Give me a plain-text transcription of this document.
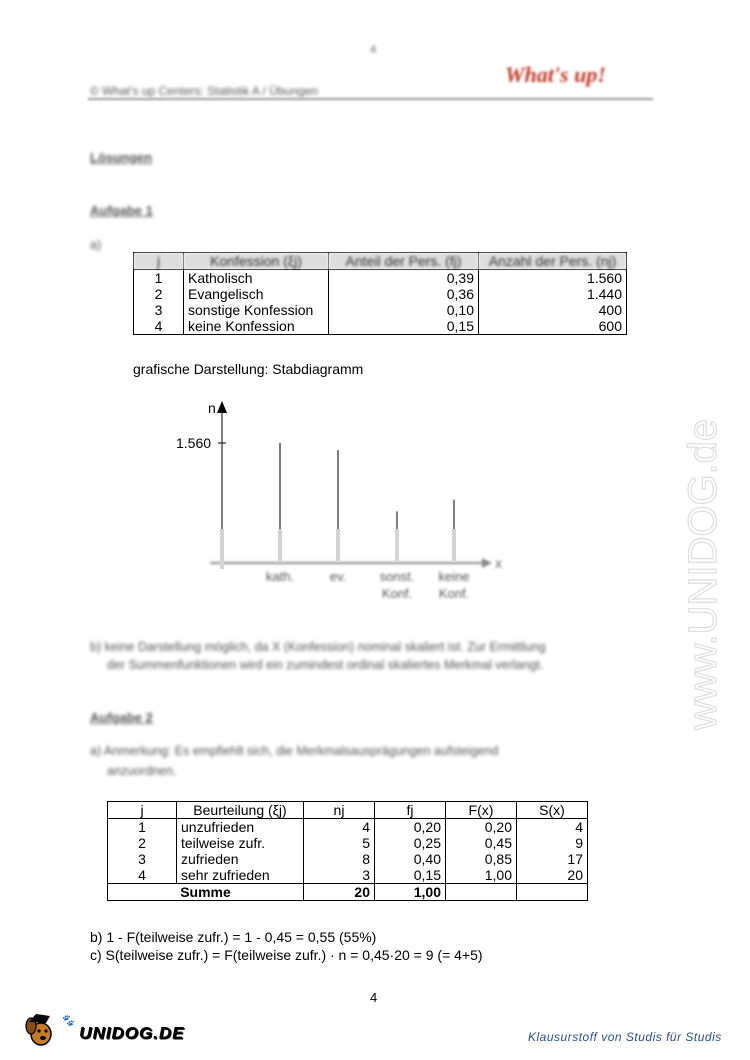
4
© What's up Centers: Statistik A / Übungen
What's up!
Lösungen
Aufgabe 1
a)
j	Konfession (ξj)	Anteil der Pers. (fj)	Anzahl der Pers. (nj)
1	Katholisch	0,39	1.560
2	Evangelisch	0,36	1.440
3	sonstige Konfession	0,10	400
4	keine Konfession	0,15	600
grafische Darstellung: Stabdiagramm
n
1.560
x
kath.	ev.	sonst.
Konf.
keine
Konf.
b) keine Darstellung möglich, da X (Konfession) nominal skaliert ist. Zur Ermittlung
der Summenfunktionen wird ein zumindest ordinal skaliertes Merkmal verlangt.
Aufgabe 2
a) Anmerkung: Es empfiehlt sich, die Merkmalsausprägungen aufsteigend
anzuordnen.
j	Beurteilung (ξj)	nj	fj	F(x)	S(x)
1	unzufrieden	4	0,20	0,20	4
2	teilweise zufr.	5	0,25	0,45	9
3	zufrieden	8	0,40	0,85	17
4	sehr zufrieden	3	0,15	1,00	20
Summe		20	1,00		
b) 1 - F(teilweise zufr.) = 1 - 0,45 = 0,55 (55%)
c) S(teilweise zufr.) = F(teilweise zufr.) · n = 0,45·20 = 9 (= 4+5)
4
www.UNIDOG.de
🐾 UNIDOG.DE	Klausurstoff von Studis für Studis
